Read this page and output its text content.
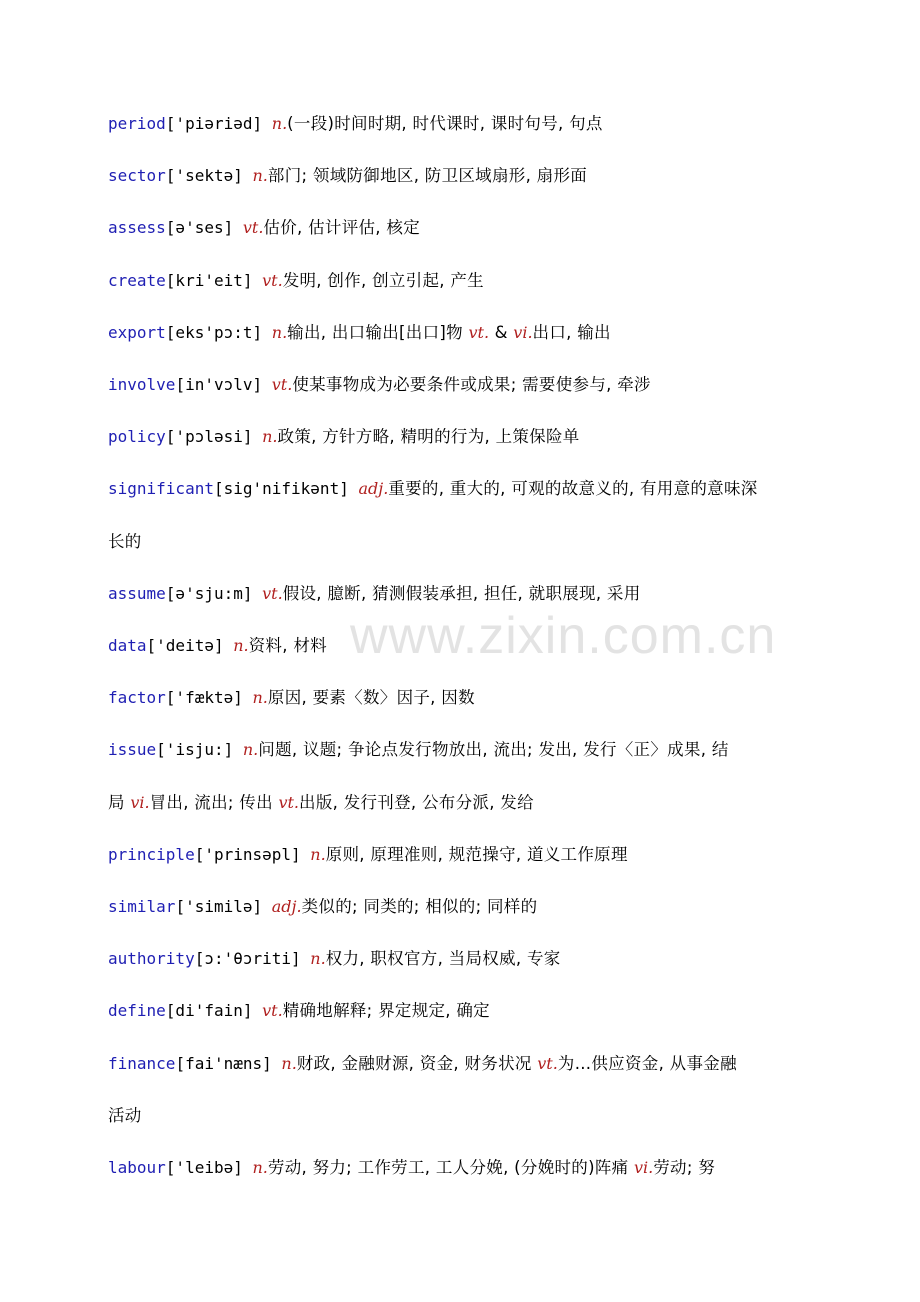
www.zixin.com.cn
period['piəriəd] n.(一段)时间时期, 时代课时, 课时句号, 句点
sector['sektə] n.部门; 领域防御地区, 防卫区域扇形, 扇形面
assess[ə'ses] vt.估价, 估计评估, 核定
create[kri'eit] vt.发明, 创作, 创立引起, 产生
export[eks'pɔ:t] n.输出, 出口输出[出口]物 vt. & vi.出口, 输出
involve[in'vɔlv] vt.使某事物成为必要条件或成果; 需要使参与, 牵涉
policy['pɔləsi] n.政策, 方针方略, 精明的行为, 上策保险单
significant[sig'nifikənt] adj.重要的, 重大的, 可观的故意义的, 有用意的意味深
长的
assume[ə'sju:m] vt.假设, 臆断, 猜测假装承担, 担任, 就职展现, 采用
data['deitə] n.资料, 材料
factor['fæktə] n.原因, 要素〈数〉因子, 因数
issue['isju:] n.问题, 议题; 争论点发行物放出, 流出; 发出, 发行〈正〉成果, 结
局 vi.冒出, 流出; 传出 vt.出版, 发行刊登, 公布分派, 发给
principle['prinsəpl] n.原则, 原理准则, 规范操守, 道义工作原理
similar['similə] adj.类似的; 同类的; 相似的; 同样的
authority[ɔ:'θɔriti] n.权力, 职权官方, 当局权威, 专家
define[di'fain] vt.精确地解释; 界定规定, 确定
finance[fai'næns] n.财政, 金融财源, 资金, 财务状况 vt.为…供应资金, 从事金融
活动
labour['leibə] n.劳动, 努力; 工作劳工, 工人分娩, (分娩时的)阵痛 vi.劳动; 努
